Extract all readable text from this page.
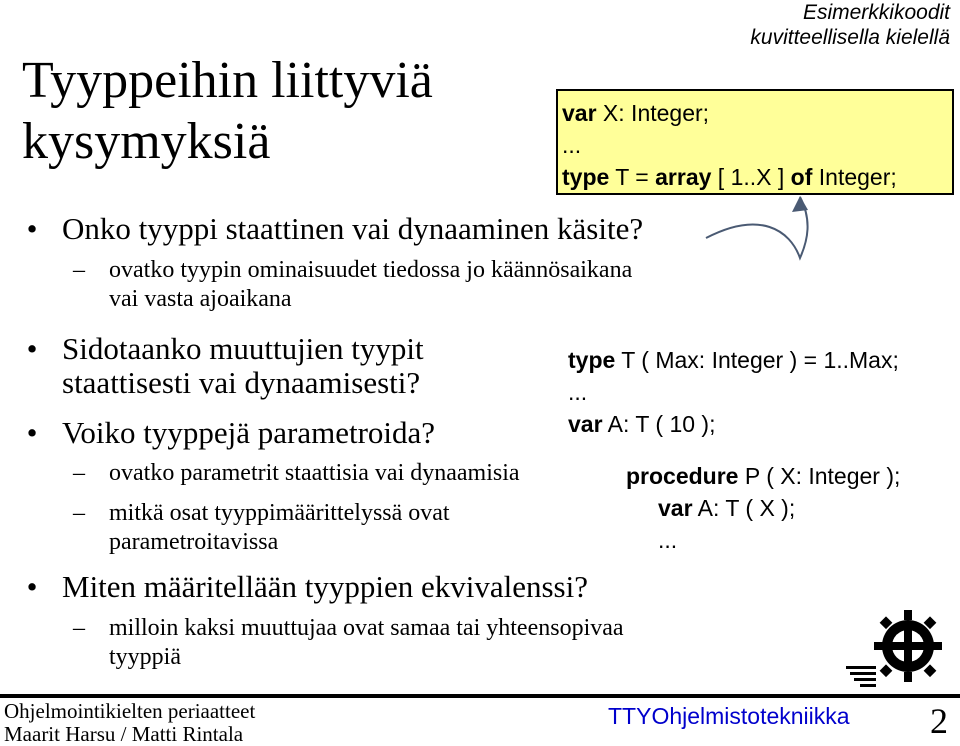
Tyyppeihin liittyviä
kysymyksiä
Esimerkkikoodit
kuvitteellisella kielellä
var X: Integer;
...
type T = array [ 1..X ] of Integer;
• Onko tyyppi staattinen vai dynaaminen käsite?
–	ovatko tyypin ominaisuudet tiedossa jo käännösaikana
vai vasta ajoaikana
• Sidotaanko muuttujien tyypit
staattisesti vai dynaamisesti?
• Voiko tyyppejä parametroida?
–	ovatko parametrit staattisia vai dynaamisia
–	mitkä osat tyyppimäärittelyssä ovat
parametroitavissa
• Miten määritellään tyyppien ekvivalenssi?
–	milloin kaksi muuttujaa ovat samaa tai yhteensopivaa
tyyppiä
type T ( Max: Integer ) = 1..Max;
...
var A: T ( 10 );
procedure P ( X: Integer );
var A: T ( X );
...
Ohjelmointikielten periaatteet
Maarit Harsu / Matti Rintala
TTYOhjelmistotekniikka 2
